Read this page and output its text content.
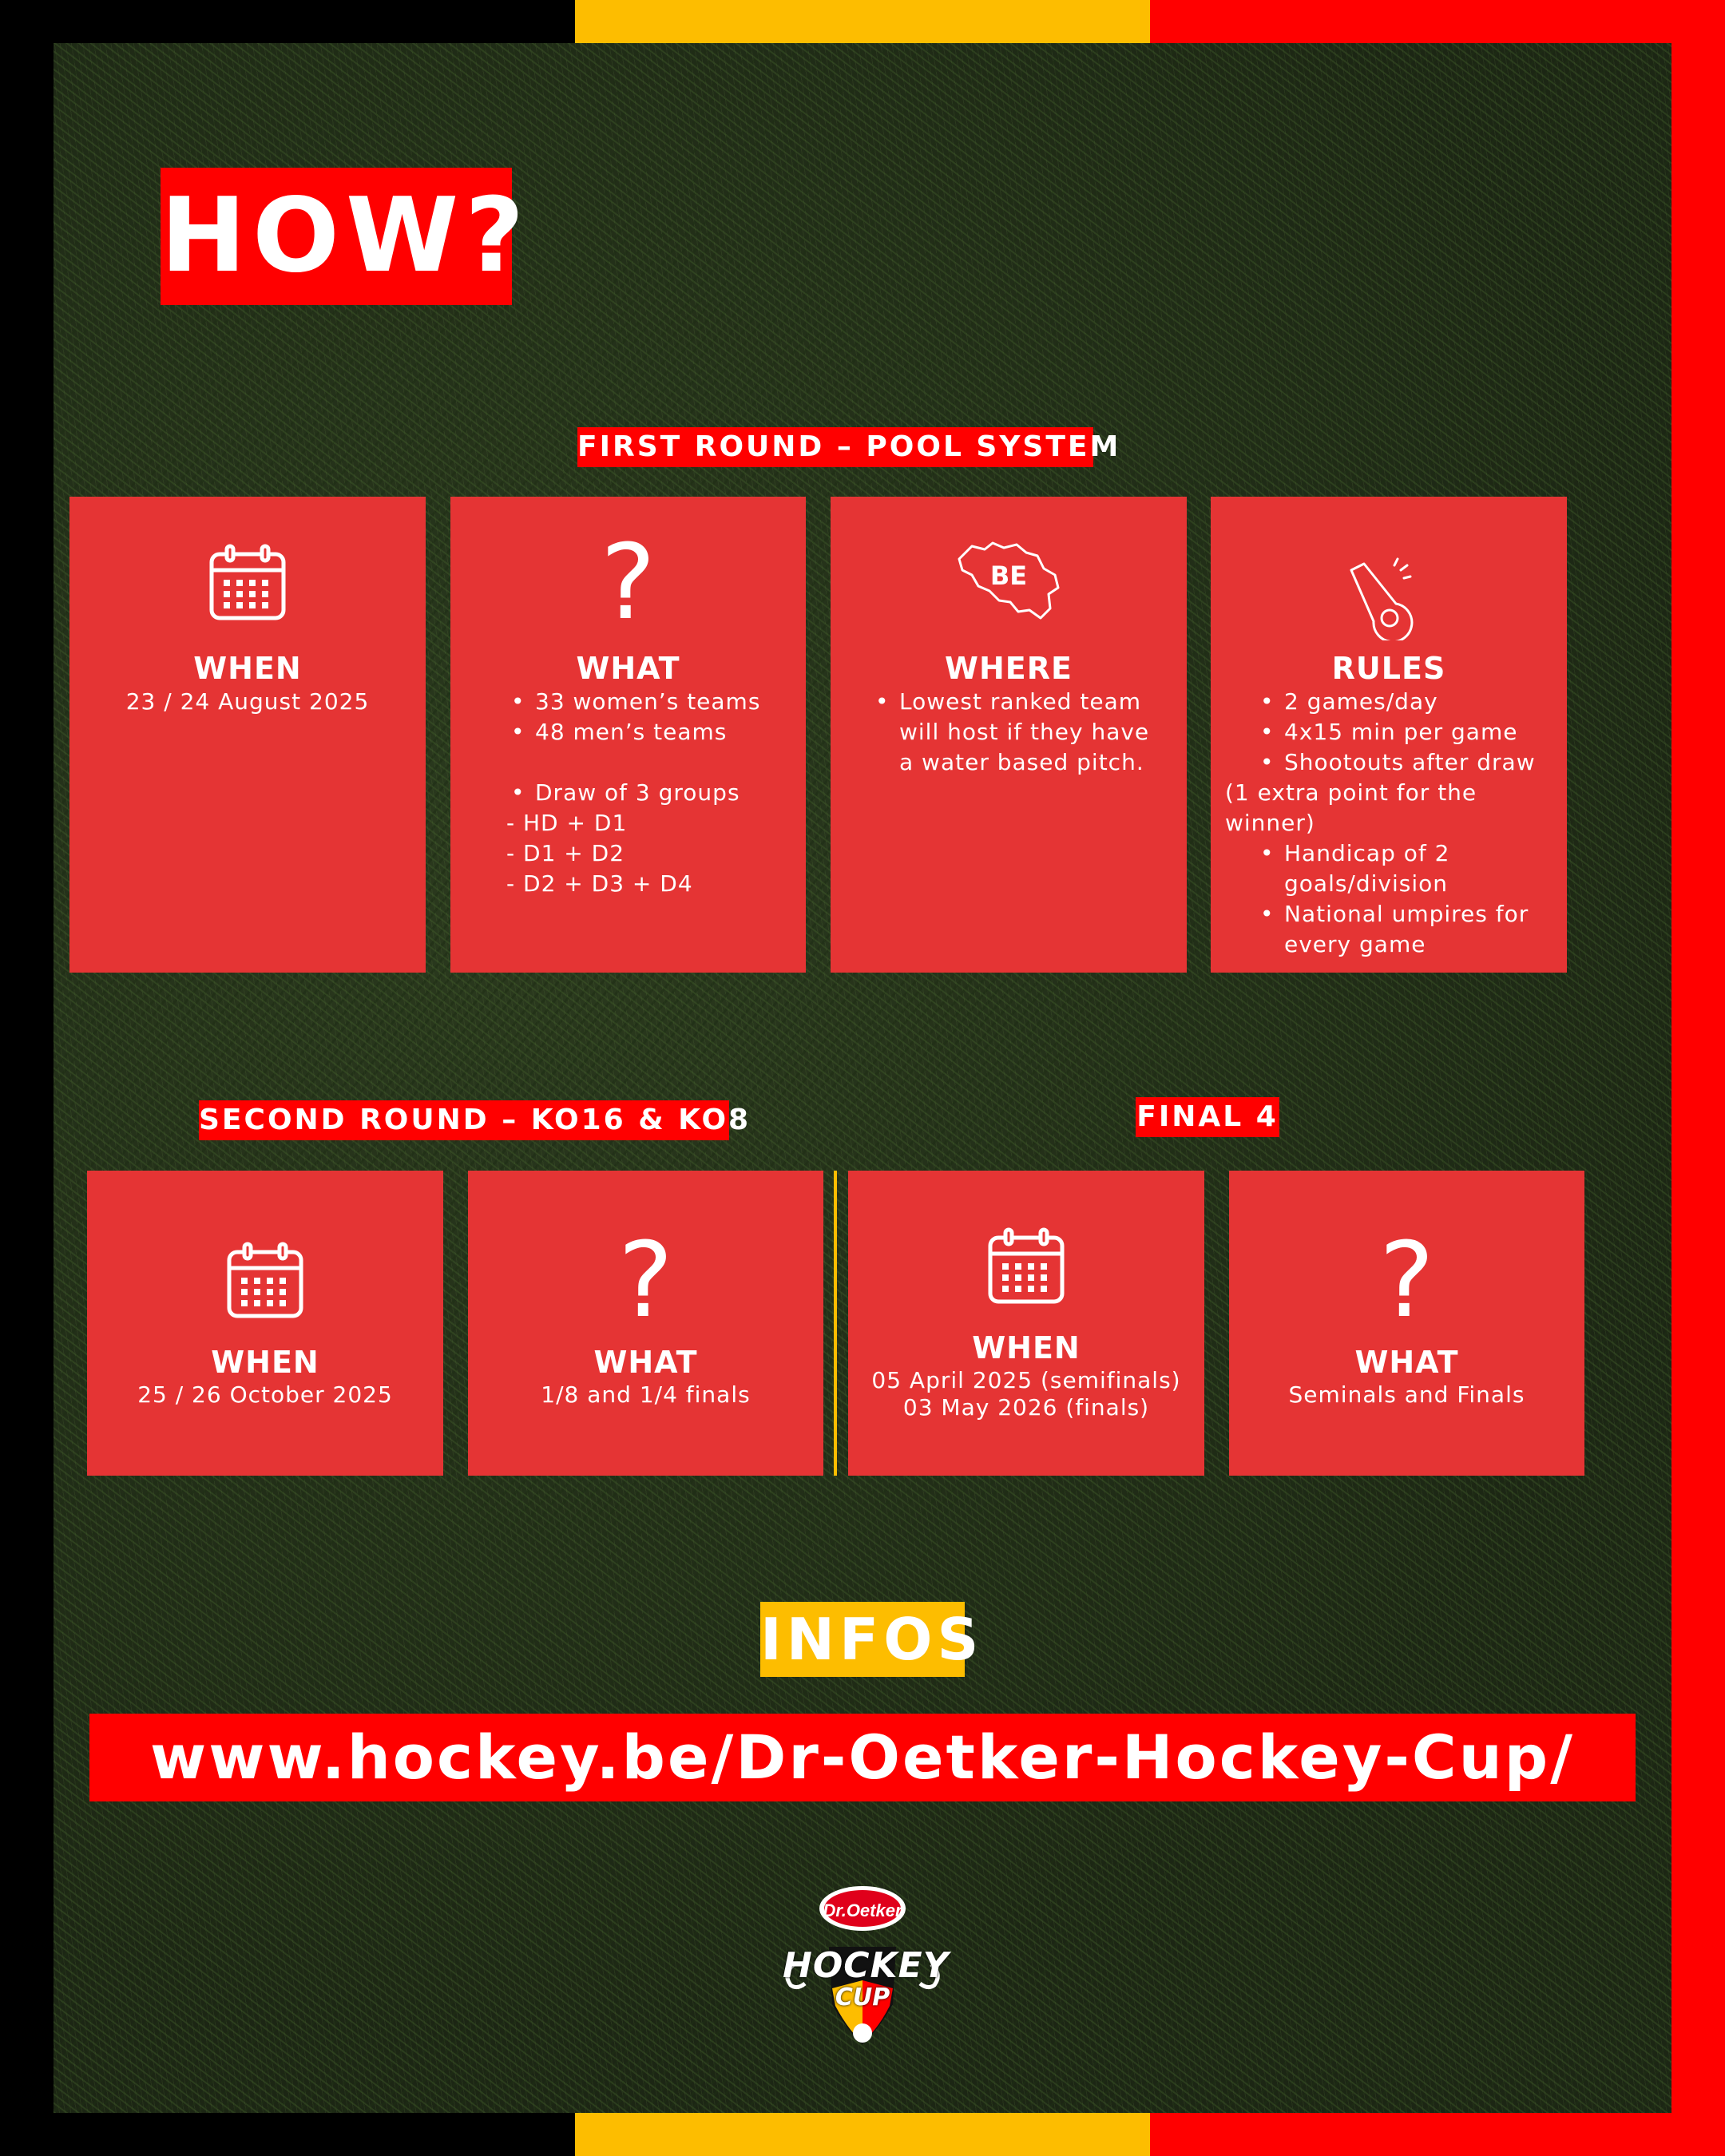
HOW?
FIRST ROUND – POOL SYSTEM
WHEN
23 / 24 August 2025
?
WHAT
• 33 women’s teams
• 48 men’s teams
• Draw of 3 groups
- HD + D1
- D1 + D2
- D2 + D3 + D4
BE
WHERE
• Lowest ranked team will host if they have a water based pitch.
RULES
• 2 games/day
• 4x15 min per game
• Shootouts after draw
(1 extra point for the winner)
• Handicap of 2 goals/division
• National umpires for every game
SECOND ROUND – KO16 & KO8	FINAL 4
WHEN
25 / 26 October 2025
?
WHAT
1/8 and 1/4 finals
WHEN
05 April 2025 (semifinals)
03 May 2026 (finals)
?
WHAT
Seminals and Finals
INFOS
www.hockey.be/Dr-Oetker-Hockey-Cup/
Dr.Oetker
HOCKEY
CUP
